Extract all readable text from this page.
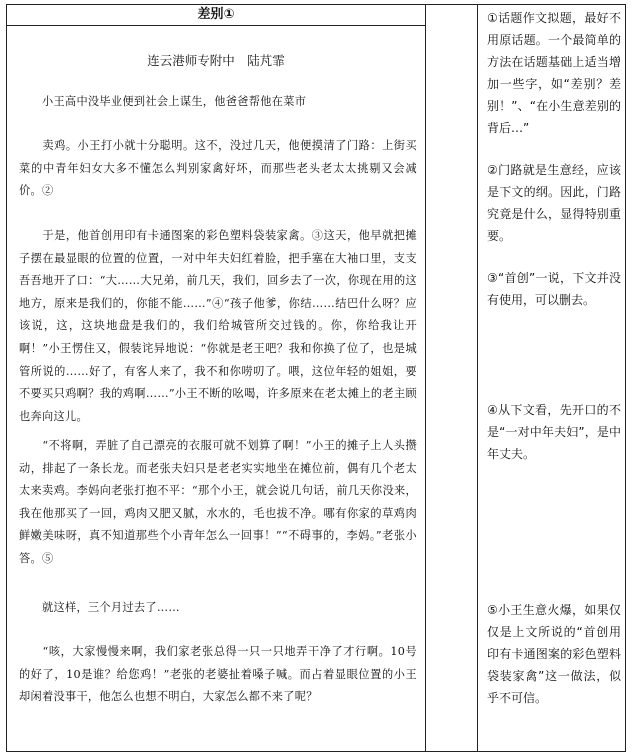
差别①
连云港师专附中　陆芃霏

　　小王高中没毕业便到社会上谋生，他爸爸帮他在菜市

　　卖鸡。小王打小就十分聪明。这不，没过几天，他便摸清了门路：上街买菜的中青年妇女大多不懂怎么判别家禽好坏，而那些老头老太太挑剔又会减价。②

　　于是，他首创用印有卡通图案的彩色塑料袋装家禽。③这天，他早就把摊子摆在最显眼的位置的位置，一对中年夫妇红着脸，把手塞在大袖口里，支支吾吾地开了口：“大……大兄弟，前几天，我们，回乡去了一次，你现在用的这地方，原来是我们的，你能不能……”④“孩子他爹，你结……结巴什么呀？应该说，这，这块地盘是我们的，我们给城管所交过钱的。你，你给我让开啊！”小王愣住又，假装诧异地说：“你就是老王吧？我和你换了位了，也是城管所说的……好了，有客人来了，我不和你唠叨了。喂，这位年轻的姐姐，要不要买只鸡啊？我的鸡啊……”小王不断的吆喝，许多原来在老太摊上的老主顾也奔向这儿。

　　“不将啊，弄脏了自己漂亮的衣服可就不划算了啊！”小王的摊子上人头攒动，排起了一条长龙。而老张夫妇只是老老实实地坐在摊位前，偶有几个老太太来卖鸡。李妈向老张打抱不平：“那个小王，就会说几句话，前几天你没来，我在他那买了一回，鸡肉又肥又腻，水水的，毛也拔不净。哪有你家的草鸡肉鲜嫩美味呀，真不知道那些个小青年怎么一回事！”“不碍事的，李妈。”老张小答。⑤

　　就这样，三个月过去了……

　　“咳，大家慢慢来啊，我们家老张总得一只一只地弄干净了才行啊。10号的好了，10是谁？给您鸡！”老张的老婆扯着嗓子喊。而占着显眼位置的小王却闲着没事干，他怎么也想不明白，大家怎么都不来了呢？

①话题作文拟题，最好不用原话题。一个最简单的方法在话题基础上适当增加一些字，如“差别？差别！”、“在小生意差别的背后…”

②门路就是生意经，应该是下文的纲。因此，门路究竟是什么，显得特别重要。

③“首创”一说，下文并没有使用，可以删去。

④从下文看，先开口的不是“一对中年夫妇”，是中年丈夫。

⑤小王生意火爆，如果仅仅是上文所说的“首创用印有卡通图案的彩色塑料袋装家禽”这一做法，似乎不可信。
